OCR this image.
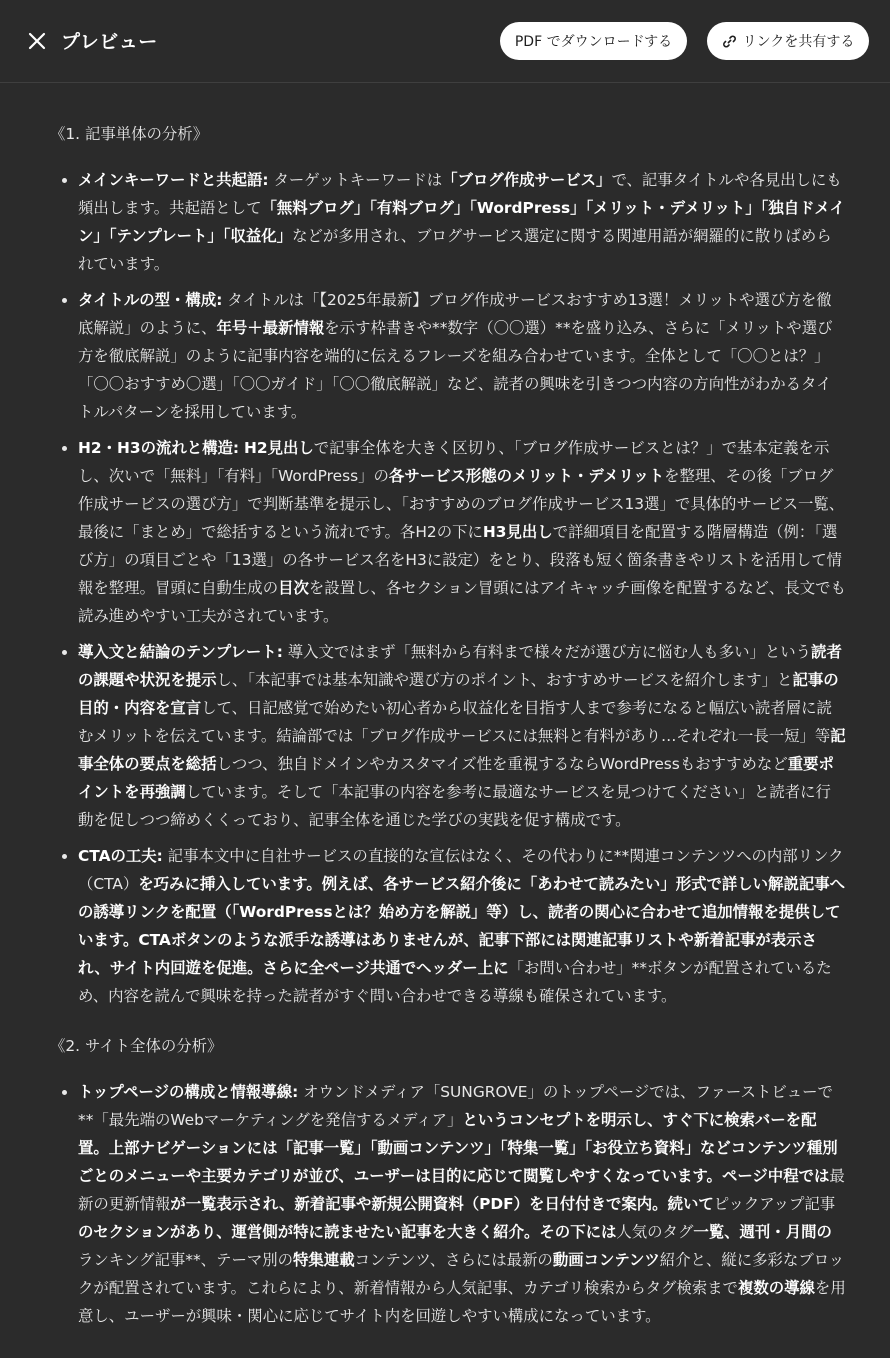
プレビュー	PDF でダウンロードする	リンクを共有する
《1. 記事単体の分析》
• メインキーワードと共起語: ターゲットキーワードは「ブログ作成サービス」で、記事タイトルや各見出しにも頻出します。共起語として「無料ブログ」「有料ブログ」「WordPress」「メリット・デメリット」「独自ドメイン」「テンプレート」「収益化」などが多用され、ブログサービス選定に関する関連用語が網羅的に散りばめられています。
• タイトルの型・構成: タイトルは「【2025年最新】ブログ作成サービスおすすめ13選！メリットや選び方を徹底解説」のように、年号＋最新情報を示す枠書きや**数字（〇〇選）**を盛り込み、さらに「メリットや選び方を徹底解説」のように記事内容を端的に伝えるフレーズを組み合わせています。全体として「〇〇とは？」「〇〇おすすめ〇選」「〇〇ガイド」「〇〇徹底解説」など、読者の興味を引きつつ内容の方向性がわかるタイトルパターンを採用しています。
• H2・H3の流れと構造: H2見出しで記事全体を大きく区切り、「ブログ作成サービスとは？」で基本定義を示し、次いで「無料」「有料」「WordPress」の各サービス形態のメリット・デメリットを整理、その後「ブログ作成サービスの選び方」で判断基準を提示し、「おすすめのブログ作成サービス13選」で具体的サービス一覧、最後に「まとめ」で総括するという流れです。各H2の下にH3見出しで詳細項目を配置する階層構造（例：「選び方」の項目ごとや「13選」の各サービス名をH3に設定）をとり、段落も短く箇条書きやリストを活用して情報を整理。冒頭に自動生成の目次を設置し、各セクション冒頭にはアイキャッチ画像を配置するなど、長文でも読み進めやすい工夫がされています。
• 導入文と結論のテンプレート: 導入文ではまず「無料から有料まで様々だが選び方に悩む人も多い」という読者の課題や状況を提示し、「本記事では基本知識や選び方のポイント、おすすめサービスを紹介します」と記事の目的・内容を宣言して、日記感覚で始めたい初心者から収益化を目指す人まで参考になると幅広い読者層に読むメリットを伝えています。結論部では「ブログ作成サービスには無料と有料があり…それぞれ一長一短」等記事全体の要点を総括しつつ、独自ドメインやカスタマイズ性を重視するならWordPressもおすすめなど重要ポイントを再強調しています。そして「本記事の内容を参考に最適なサービスを見つけてください」と読者に行動を促しつつ締めくくっており、記事全体を通じた学びの実践を促す構成です。
• CTAの工夫: 記事本文中に自社サービスの直接的な宣伝はなく、その代わりに**関連コンテンツへの内部リンク（CTA）を巧みに挿入しています。例えば、各サービス紹介後に「あわせて読みたい」形式で詳しい解説記事への誘導リンクを配置（「WordPressとは？始め方を解説」等）し、読者の関心に合わせて追加情報を提供しています。CTAボタンのような派手な誘導はありませんが、記事下部には関連記事リストや新着記事が表示され、サイト内回遊を促進。さらに全ページ共通でヘッダー上に「お問い合わせ」**ボタンが配置されているため、内容を読んで興味を持った読者がすぐ問い合わせできる導線も確保されています。
《2. サイト全体の分析》
• トップページの構成と情報導線: オウンドメディア「SUNGROVE」のトップページでは、ファーストビューで**「最先端のWebマーケティングを発信するメディア」というコンセプトを明示し、すぐ下に検索バーを配置。上部ナビゲーションには「記事一覧」「動画コンテンツ」「特集一覧」「お役立ち資料」などコンテンツ種別ごとのメニューや主要カテゴリが並び、ユーザーは目的に応じて閲覧しやすくなっています。ページ中程では最新の更新情報が一覧表示され、新着記事や新規公開資料（PDF）を日付付きで案内。続いてピックアップ記事のセクションがあり、運営側が特に読ませたい記事を大きく紹介。その下には人気のタグ一覧、週刊・月間のランキング記事**、テーマ別の特集連載コンテンツ、さらには最新の動画コンテンツ紹介と、縦に多彩なブロックが配置されています。これらにより、新着情報から人気記事、カテゴリ検索からタグ検索まで複数の導線を用意し、ユーザーが興味・関心に応じてサイト内を回遊しやすい構成になっています。
